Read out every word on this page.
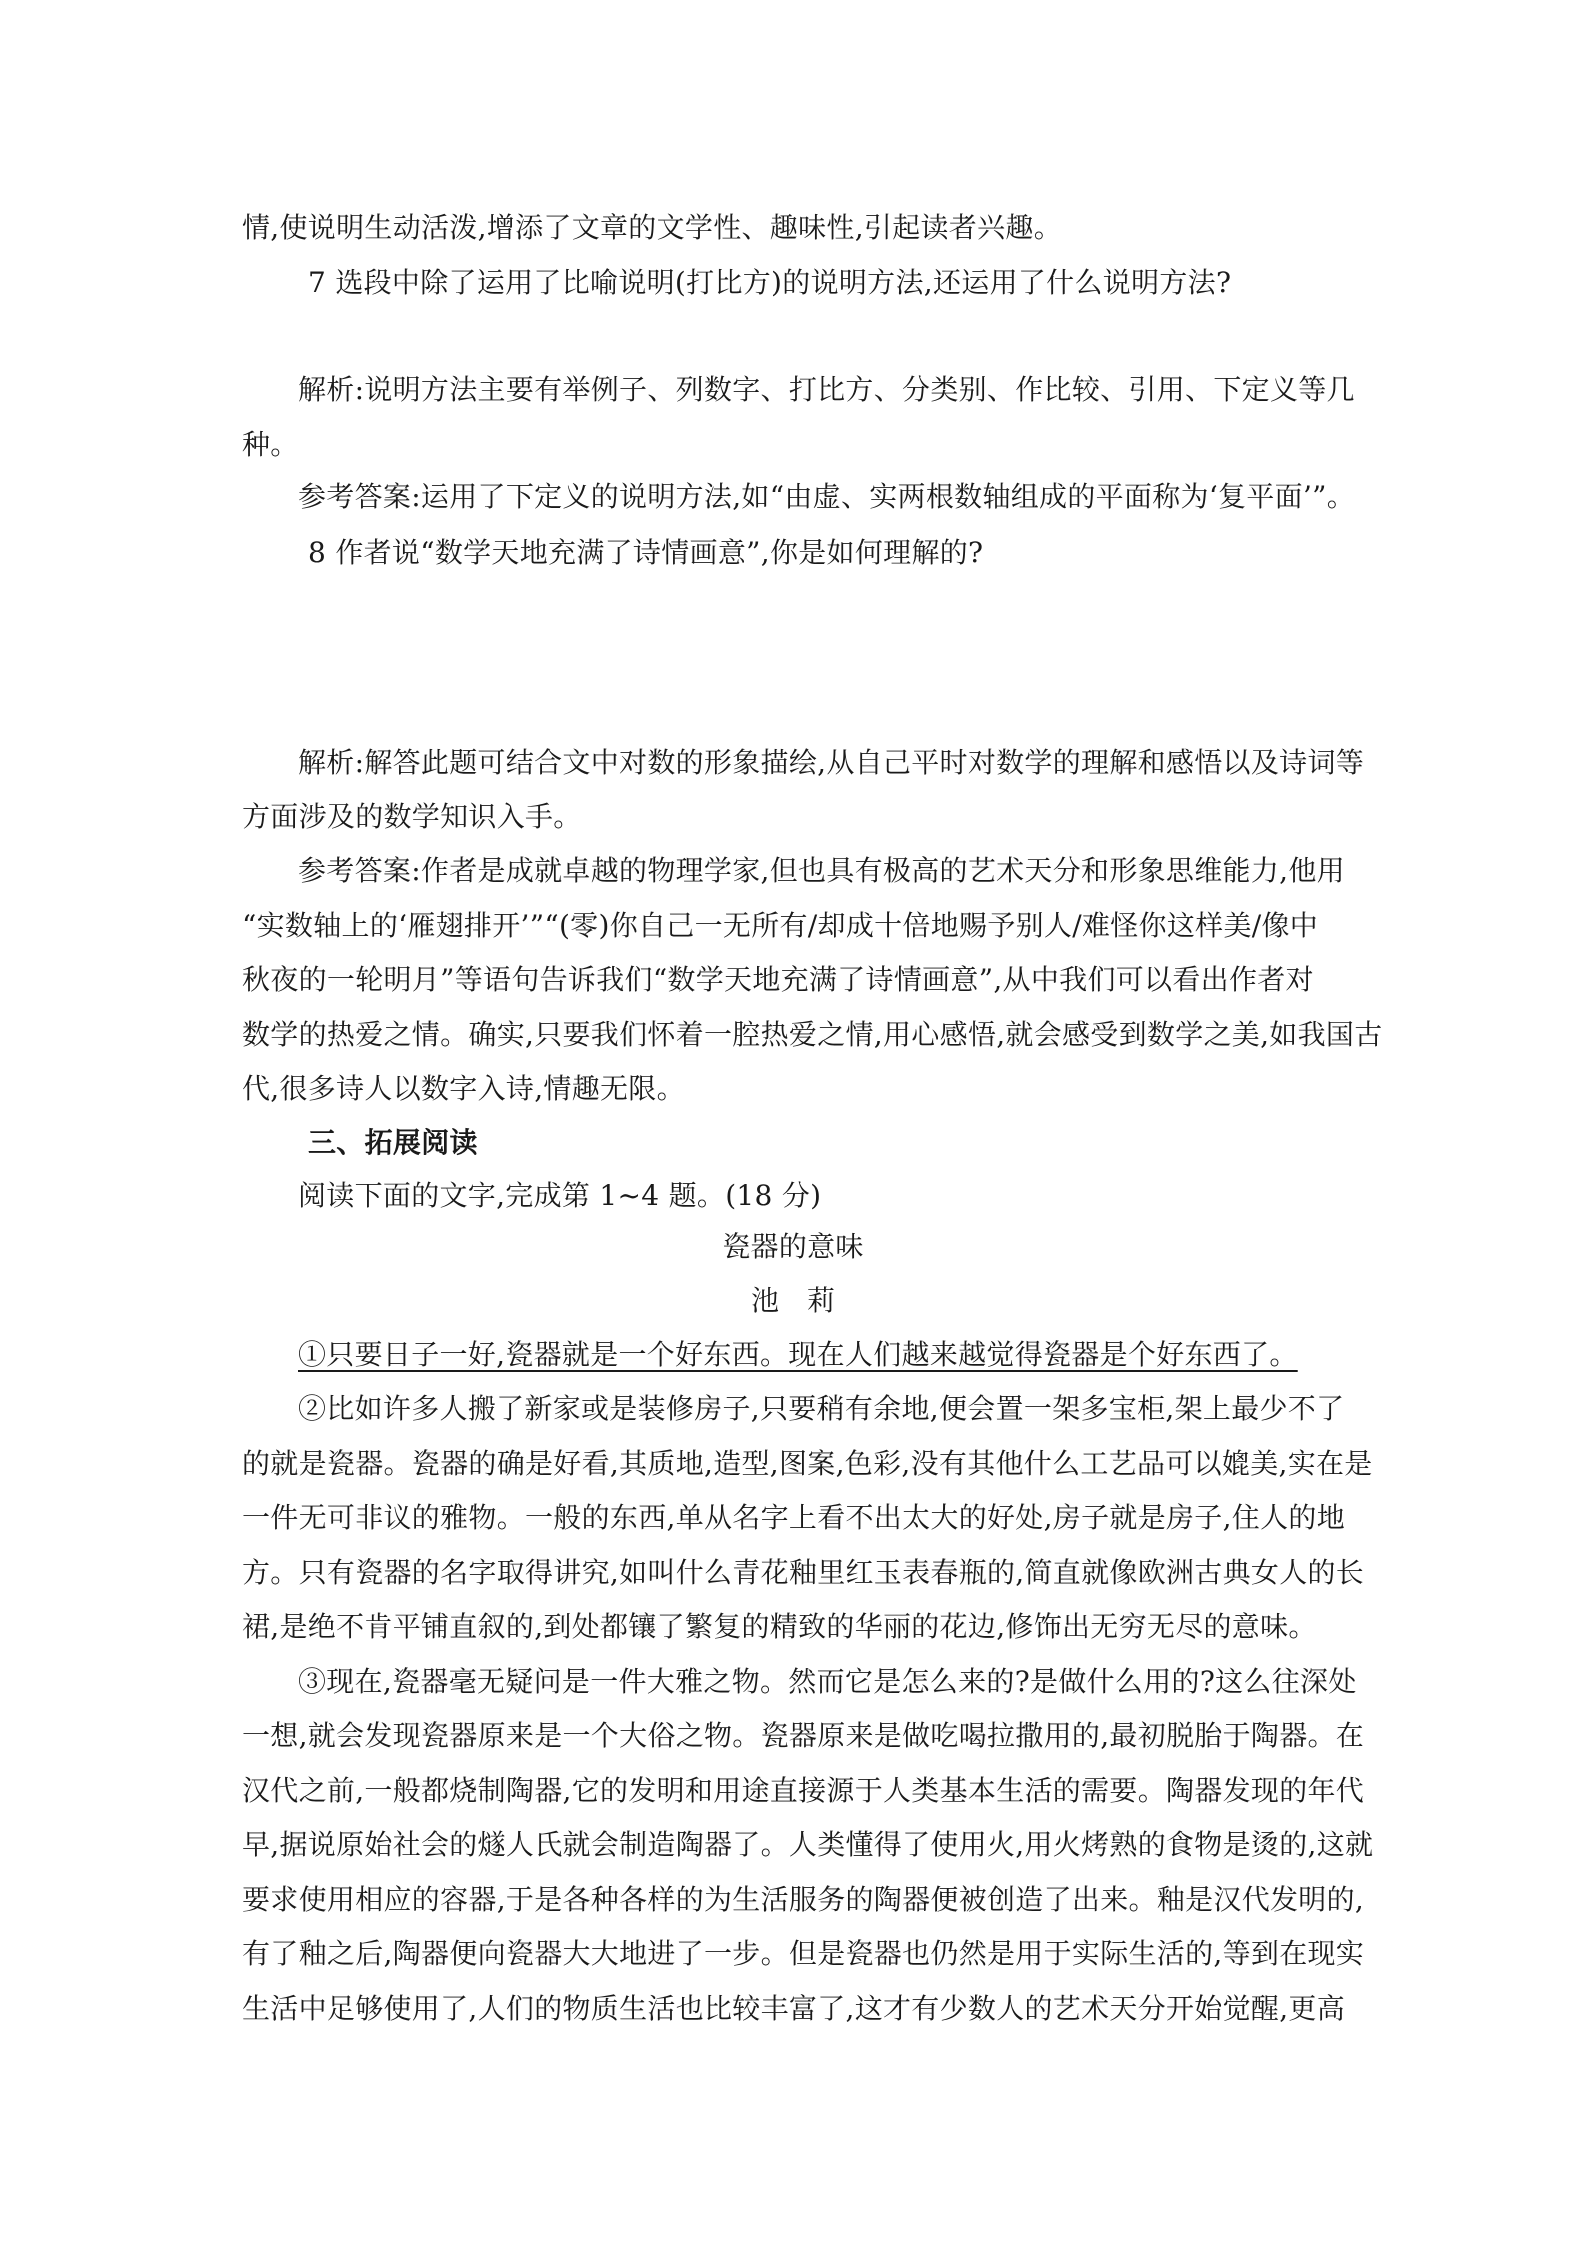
情,使说明生动活泼,增添了文章的文学性、趣味性,引起读者兴趣。
7 选段中除了运用了比喻说明(打比方)的说明方法,还运用了什么说明方法?
解析:说明方法主要有举例子、列数字、打比方、分类别、作比较、引用、下定义等几
种。
参考答案:运用了下定义的说明方法,如“由虚、实两根数轴组成的平面称为‘复平面’”。
8 作者说“数学天地充满了诗情画意”,你是如何理解的?
解析:解答此题可结合文中对数的形象描绘,从自己平时对数学的理解和感悟以及诗词等
方面涉及的数学知识入手。
参考答案:作者是成就卓越的物理学家,但也具有极高的艺术天分和形象思维能力,他用
“实数轴上的‘雁翅排开’”“(零)你自己一无所有/却成十倍地赐予别人/难怪你这样美/像中
秋夜的一轮明月”等语句告诉我们“数学天地充满了诗情画意”,从中我们可以看出作者对
数学的热爱之情。确实,只要我们怀着一腔热爱之情,用心感悟,就会感受到数学之美,如我国古
代,很多诗人以数字入诗,情趣无限。
三、拓展阅读
阅读下面的文字,完成第 1~4 题。(18 分)
瓷器的意味
池莉
①只要日子一好,瓷器就是一个好东西。现在人们越来越觉得瓷器是个好东西了。
②比如许多人搬了新家或是装修房子,只要稍有余地,便会置一架多宝柜,架上最少不了
的就是瓷器。瓷器的确是好看,其质地,造型,图案,色彩,没有其他什么工艺品可以媲美,实在是
一件无可非议的雅物。一般的东西,单从名字上看不出太大的好处,房子就是房子,住人的地
方。只有瓷器的名字取得讲究,如叫什么青花釉里红玉表春瓶的,简直就像欧洲古典女人的长
裙,是绝不肯平铺直叙的,到处都镶了繁复的精致的华丽的花边,修饰出无穷无尽的意味。
③现在,瓷器毫无疑问是一件大雅之物。然而它是怎么来的?是做什么用的?这么往深处
一想,就会发现瓷器原来是一个大俗之物。瓷器原来是做吃喝拉撒用的,最初脱胎于陶器。在
汉代之前,一般都烧制陶器,它的发明和用途直接源于人类基本生活的需要。陶器发现的年代
早,据说原始社会的燧人氏就会制造陶器了。人类懂得了使用火,用火烤熟的食物是烫的,这就
要求使用相应的容器,于是各种各样的为生活服务的陶器便被创造了出来。釉是汉代发明的,
有了釉之后,陶器便向瓷器大大地进了一步。但是瓷器也仍然是用于实际生活的,等到在现实
生活中足够使用了,人们的物质生活也比较丰富了,这才有少数人的艺术天分开始觉醒,更高
